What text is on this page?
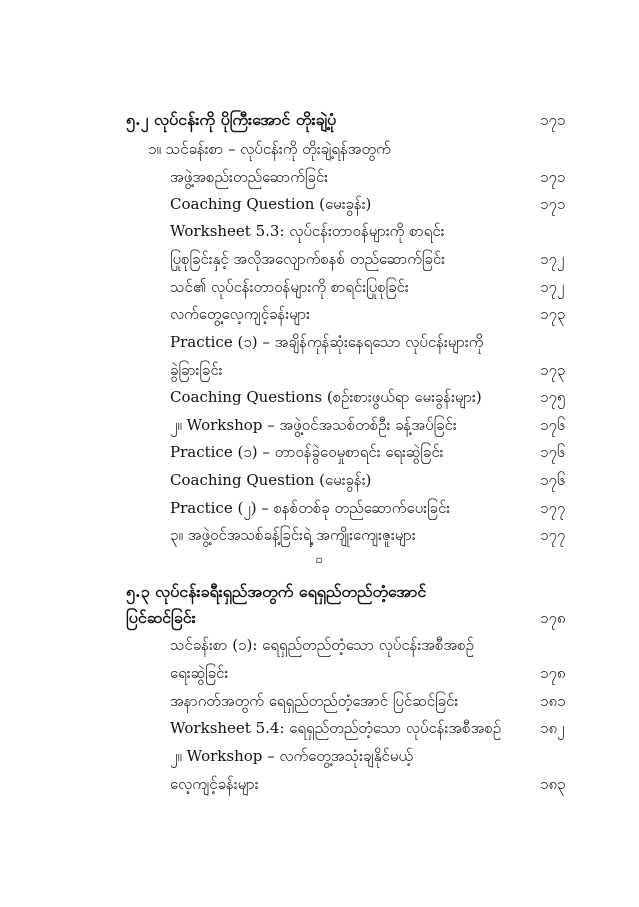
၅.၂ လုပ်ငန်းကို ပိုကြီးအောင် တိုးချဲ့ပုံ	၁၇၁
၁။ သင်ခန်းစာ – လုပ်ငန်းကို တိုးချဲ့ရန်အတွက်
အဖွဲ့အစည်းတည်ဆောက်ခြင်း	၁၇၁
Coaching Question (မေးခွန်း)	၁၇၁
Worksheet 5.3: လုပ်ငန်းတာဝန်များကို စာရင်း
ပြုစုခြင်းနှင့် အလိုအလျောက်စနစ် တည်ဆောက်ခြင်း	၁၇၂
သင်၏ လုပ်ငန်းတာဝန်များကို စာရင်းပြုစုခြင်း	၁၇၂
လက်တွေ့လေ့ကျင့်ခန်းများ	၁၇၃
Practice (၁) – အချိန်ကုန်ဆုံးနေရသော လုပ်ငန်းများကို
ခွဲခြားခြင်း	၁၇၃
Coaching Questions (စဉ်းစားဖွယ်ရာ မေးခွန်းများ)	၁၇၅
၂။ Workshop – အဖွဲ့ဝင်အသစ်တစ်ဦး ခန့်အပ်ခြင်း	၁၇၆
Practice (၁) – တာဝန်ခွဲဝေမှုစာရင်း ရေးဆွဲခြင်း	၁၇၆
Coaching Question (မေးခွန်း)	၁၇၆
Practice (၂) – စနစ်တစ်ခု တည်ဆောက်ပေးခြင်း	၁၇၇
၃။ အဖွဲ့ဝင်အသစ်ခန့်ခြင်းရဲ့ အကျိုးကျေးဇူးများ	၁၇၇
▫
၅.၃ လုပ်ငန်းခရီးရှည်အတွက် ရေရှည်တည်တံ့အောင်
ပြင်ဆင်ခြင်း	၁၇၈
သင်ခန်းစာ (၁): ရေရှည်တည်တံ့သော လုပ်ငန်းအစီအစဉ်
ရေးဆွဲခြင်း	၁၇၈
အနာဂတ်အတွက် ရေရှည်တည်တံ့အောင် ပြင်ဆင်ခြင်း	၁၈၁
Worksheet 5.4: ရေရှည်တည်တံ့သော လုပ်ငန်းအစီအစဉ်	၁၈၂
၂။ Workshop – လက်တွေ့အသုံးချနိုင်မယ့်
လေ့ကျင့်ခန်းများ	၁၈၃
